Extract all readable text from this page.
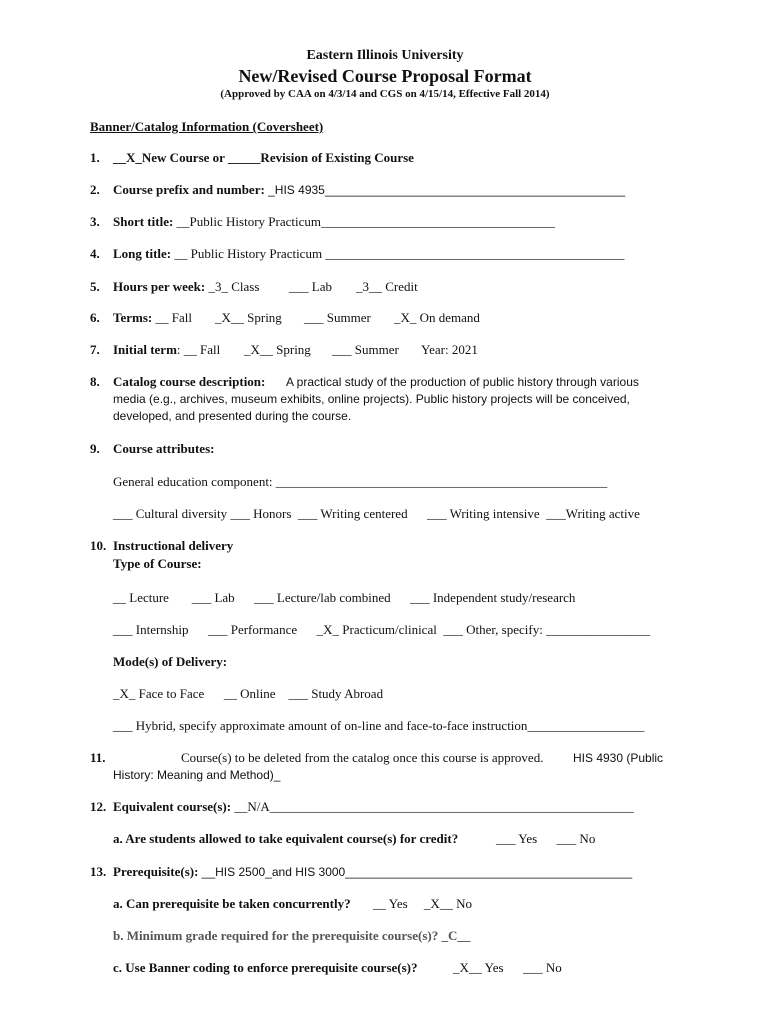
Eastern Illinois University
New/Revised Course Proposal Format
(Approved by CAA on 4/3/14 and CGS on 4/15/14, Effective Fall 2014)
Banner/Catalog Information (Coversheet)
1. __X_New Course or _____Revision of Existing Course
2. Course prefix and number: _HIS 4935_____________________________________________
3. Short title: __Public History Practicum____________________________________
4. Long title: __ Public History Practicum ______________________________________________
5. Hours per week: _3_ Class ___ Lab _3__ Credit
6. Terms: __ Fall _X__ Spring ___ Summer _X_ On demand
7. Initial term: __ Fall _X__ Spring ___ Summer Year: 2021
8. Catalog course description: A practical study of the production of public history through various
media (e.g., archives, museum exhibits, online projects). Public history projects will be conceived,
developed, and presented during the course.
9. Course attributes:
General education component: ___________________________________________________
___ Cultural diversity ___ Honors  ___ Writing centered      ___ Writing intensive  ___Writing active
10. Instructional delivery
Type of Course:
__ Lecture       ___ Lab      ___ Lecture/lab combined      ___ Independent study/research
___ Internship      ___ Performance      _X_ Practicum/clinical  ___ Other, specify: ________________
Mode(s) of Delivery:
_X_ Face to Face      __ Online    ___ Study Abroad
___ Hybrid, specify approximate amount of on-line and face-to-face instruction__________________
11.	Course(s) to be deleted from the catalog once this course is approved. HIS 4930 (Public
History: Meaning and Method)_
12. Equivalent course(s): __N/A________________________________________________________
a. Are students allowed to take equivalent course(s) for credit?	___ Yes      ___ No
13. Prerequisite(s): __HIS 2500_and HIS 3000___________________________________________
a. Can prerequisite be taken concurrently? __ Yes     _X__ No
b. Minimum grade required for the prerequisite course(s)? _C__
c. Use Banner coding to enforce prerequisite course(s)?	_X__ Yes      ___ No
